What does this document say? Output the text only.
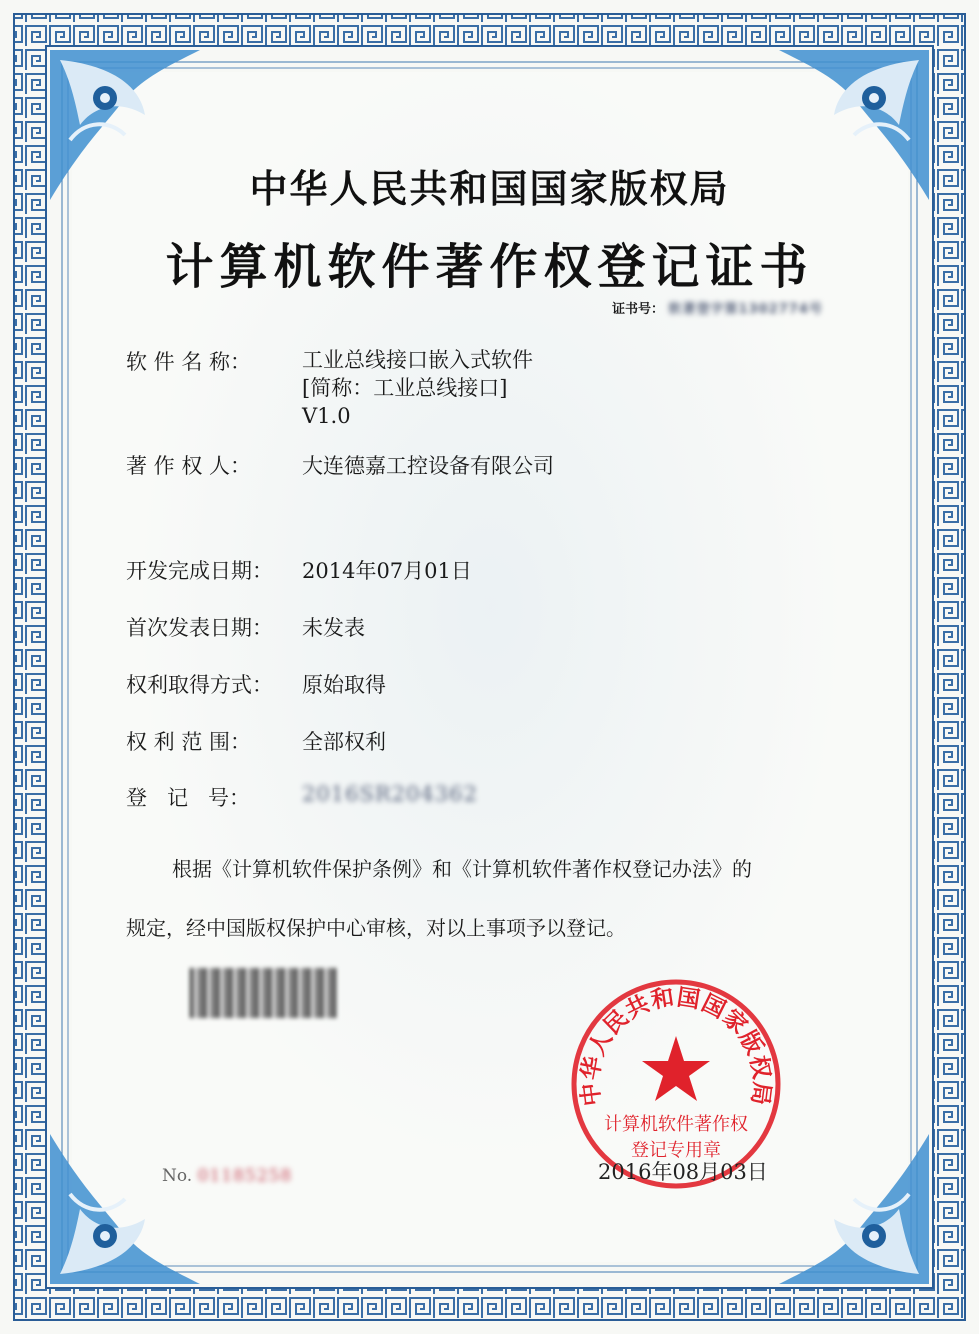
中华人民共和国国家版权局
计算机软件著作权登记证书
证书号： 软著登字第1302774号
软 件 名 称： 工业总线接口嵌入式软件
[简称：工业总线接口]
V1.0
著 作 权 人： 大连德嘉工控设备有限公司
开发完成日期： 2014年07月01日
首次发表日期： 未发表
权利取得方式： 原始取得
权 利 范 围： 全部权利
登   记   号： 2016SR204362
根据《计算机软件保护条例》和《计算机软件著作权登记办法》的
规定，经中国版权保护中心审核，对以上事项予以登记。
No. 01185258
中华人民共和国国家版权局
计算机软件著作权
登记专用章
2016年08月03日
